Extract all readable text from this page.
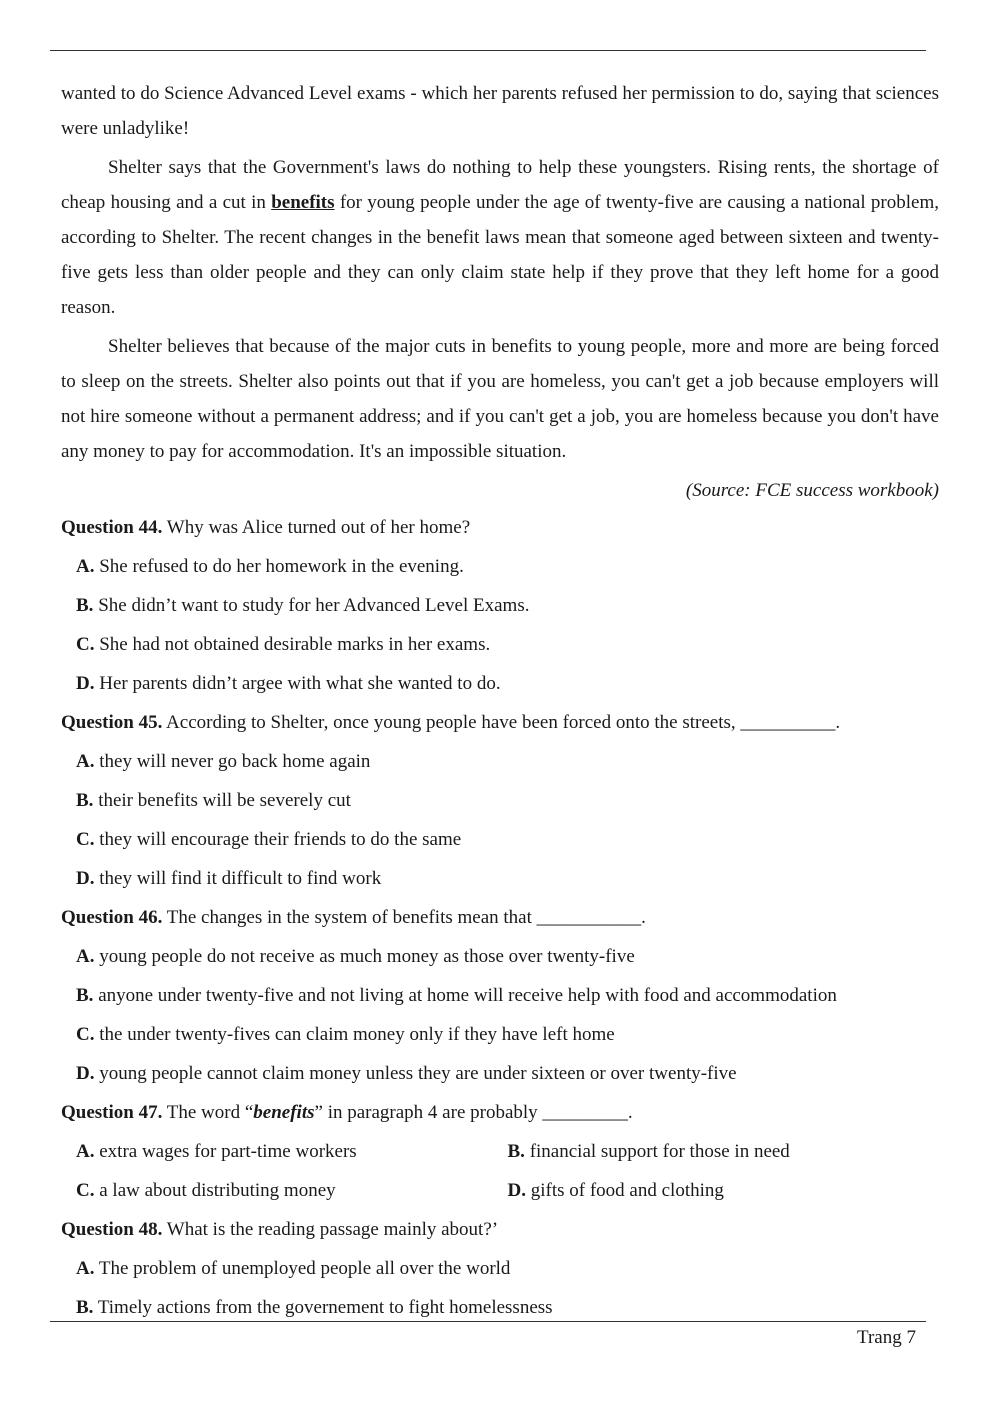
wanted to do Science Advanced Level exams - which her parents refused her permission to do, saying that sciences were unladylike!

Shelter says that the Government's laws do nothing to help these youngsters. Rising rents, the shortage of cheap housing and a cut in benefits for young people under the age of twenty-five are causing a national problem, according to Shelter. The recent changes in the benefit laws mean that someone aged between sixteen and twenty-five gets less than older people and they can only claim state help if they prove that they left home for a good reason.

Shelter believes that because of the major cuts in benefits to young people, more and more are being forced to sleep on the streets. Shelter also points out that if you are homeless, you can't get a job because employers will not hire someone without a permanent address; and if you can't get a job, you are homeless because you don't have any money to pay for accommodation. It's an impossible situation.

(Source: FCE success workbook)
Question 44. Why was Alice turned out of her home?
A. She refused to do her homework in the evening.
B. She didn’t want to study for her Advanced Level Exams.
C. She had not obtained desirable marks in her exams.
D. Her parents didn’t argee with what she wanted to do.
Question 45. According to Shelter, once young people have been forced onto the streets, __________.
A. they will never go back home again
B. their benefits will be severely cut
C. they will encourage their friends to do the same
D. they will find it difficult to find work
Question 46. The changes in the system of benefits mean that ___________.
A. young people do not receive as much money as those over twenty-five
B. anyone under twenty-five and not living at home will receive help with food and accommodation
C. the under twenty-fives can claim money only if they have left home
D. young people cannot claim money unless they are under sixteen or over twenty-five
Question 47. The word “benefits” in paragraph 4 are probably _________.
A. extra wages for part-time workers	B. financial support for those in need
C. a law about distributing money	D. gifts of food and clothing
Question 48. What is the reading passage mainly about?’
A. The problem of unemployed people all over the world
B. Timely actions from the governement to fight homelessness
Trang 7
